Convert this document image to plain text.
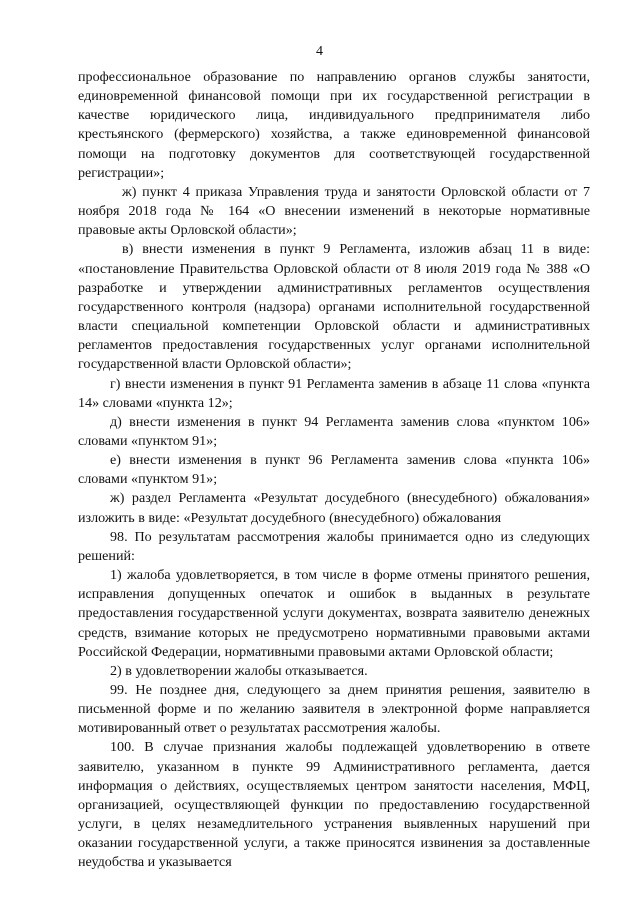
4

профессиональное образование по направлению органов службы занятости, единовременной финансовой помощи при их государственной регистрации в качестве юридического лица, индивидуального предпринимателя либо крестьянского (фермерского) хозяйства, а также единовременной финансовой помощи на подготовку документов для соответствующей государственной регистрации»;

ж) пункт 4 приказа Управления труда и занятости Орловской области от 7 ноября 2018 года № 164 «О внесении изменений в некоторые нормативные правовые акты Орловской области»;

в) внести изменения в пункт 9 Регламента, изложив абзац 11 в виде: «постановление Правительства Орловской области от 8 июля 2019 года № 388 «О разработке и утверждении административных регламентов осуществления государственного контроля (надзора) органами исполнительной государственной власти специальной компетенции Орловской области и административных регламентов предоставления государственных услуг органами исполнительной государственной власти Орловской области»;

г) внести изменения в пункт 91 Регламента заменив в абзаце 11 слова «пункта 14» словами «пункта 12»;

д) внести изменения в пункт 94 Регламента заменив слова «пунктом 106» словами «пунктом 91»;

е) внести изменения в пункт 96 Регламента заменив слова «пункта 106» словами «пунктом 91»;

ж) раздел Регламента «Результат досудебного (внесудебного) обжалования» изложить в виде: «Результат досудебного (внесудебного) обжалования

98. По результатам рассмотрения жалобы принимается одно из следующих решений:

1) жалоба удовлетворяется, в том числе в форме отмены принятого решения, исправления допущенных опечаток и ошибок в выданных в результате предоставления государственной услуги документах, возврата заявителю денежных средств, взимание которых не предусмотрено нормативными правовыми актами Российской Федерации, нормативными правовыми актами Орловской области;

2) в удовлетворении жалобы отказывается.

99. Не позднее дня, следующего за днем принятия решения, заявителю в письменной форме и по желанию заявителя в электронной форме направляется мотивированный ответ о результатах рассмотрения жалобы.

100. В случае признания жалобы подлежащей удовлетворению в ответе заявителю, указанном в пункте 99 Административного регламента, дается информация о действиях, осуществляемых центром занятости населения, МФЦ, организацией, осуществляющей функции по предоставлению государственной услуги, в целях незамедлительного устранения выявленных нарушений при оказании государственной услуги, а также приносятся извинения за доставленные неудобства и указывается
